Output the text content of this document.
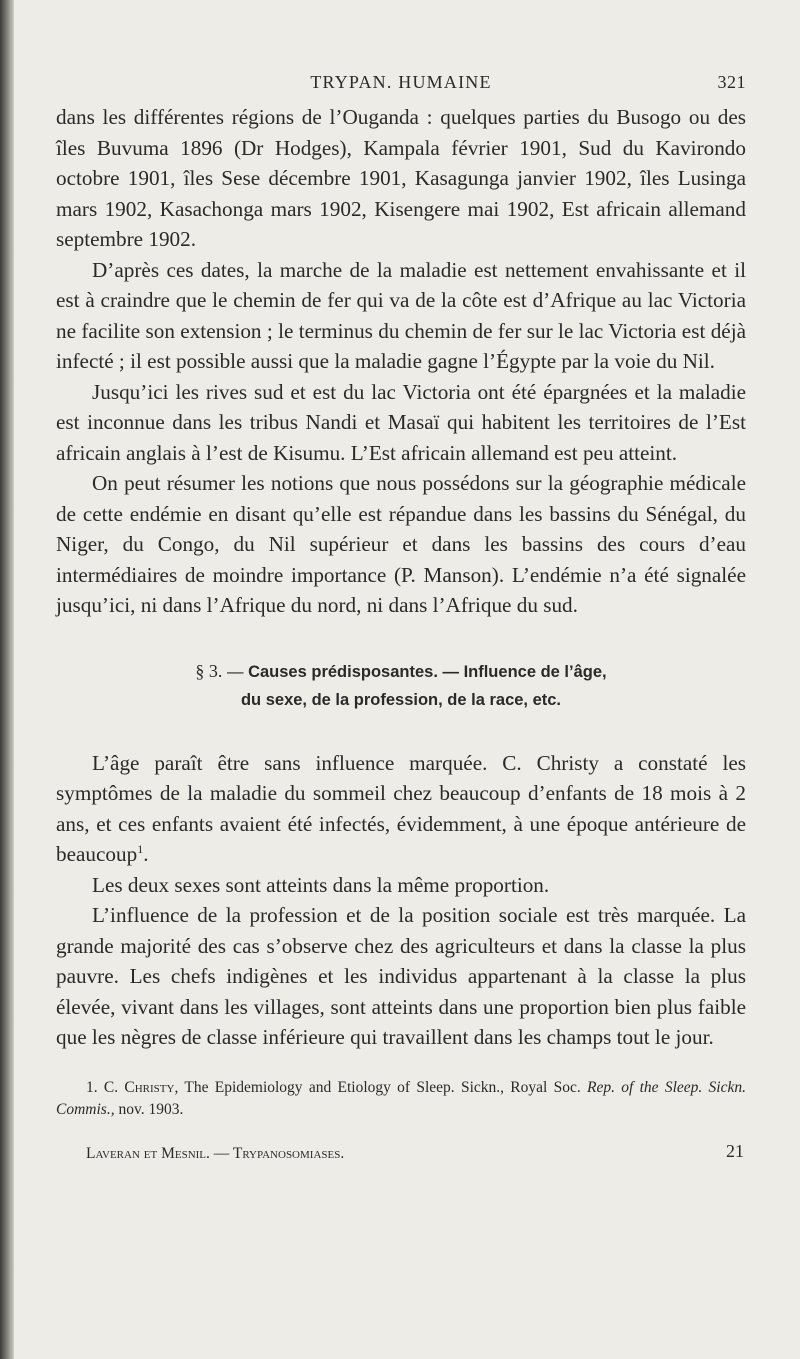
TRYPAN. HUMAINE	321

dans les différentes régions de l’Ouganda : quelques parties du Busogo ou des îles Buvuma 1896 (Dr Hodges), Kampala février 1901, Sud du Kavirondo octobre 1901, îles Sese décembre 1901, Kasagunga janvier 1902, îles Lusinga mars 1902, Kasachonga mars 1902, Kisengere mai 1902, Est africain allemand septembre 1902.

D’après ces dates, la marche de la maladie est nettement envahissante et il est à craindre que le chemin de fer qui va de la côte est d’Afrique au lac Victoria ne facilite son extension ; le terminus du chemin de fer sur le lac Victoria est déjà infecté ; il est possible aussi que la maladie gagne l’Égypte par la voie du Nil.

Jusqu’ici les rives sud et est du lac Victoria ont été épargnées et la maladie est inconnue dans les tribus Nandi et Masaï qui habitent les territoires de l’Est africain anglais à l’est de Kisumu. L’Est africain allemand est peu atteint.

On peut résumer les notions que nous possédons sur la géographie médicale de cette endémie en disant qu’elle est répandue dans les bassins du Sénégal, du Niger, du Congo, du Nil supérieur et dans les bassins des cours d’eau intermédiaires de moindre importance (P. Manson). L’endémie n’a été signalée jusqu’ici, ni dans l’Afrique du nord, ni dans l’Afrique du sud.

§ 3. — Causes prédisposantes. — Influence de l’âge,
du sexe, de la profession, de la race, etc.

L’âge paraît être sans influence marquée. C. Christy a constaté les symptômes de la maladie du sommeil chez beaucoup d’enfants de 18 mois à 2 ans, et ces enfants avaient été infectés, évidemment, à une époque antérieure de beaucoup$^1$.

Les deux sexes sont atteints dans la même proportion.

L’influence de la profession et de la position sociale est très marquée. La grande majorité des cas s’observe chez des agriculteurs et dans la classe la plus pauvre. Les chefs indigènes et les individus appartenant à la classe la plus élevée, vivant dans les villages, sont atteints dans une proportion bien plus faible que les nègres de classe inférieure qui travaillent dans les champs tout le jour.

1. C. Christy, The Epidemiology and Etiology of Sleep. Sickn., Royal Soc. Rep. of the Sleep. Sickn. Commis., nov. 1903.
Laveran et Mesnil. — Trypanosomiases.	21
